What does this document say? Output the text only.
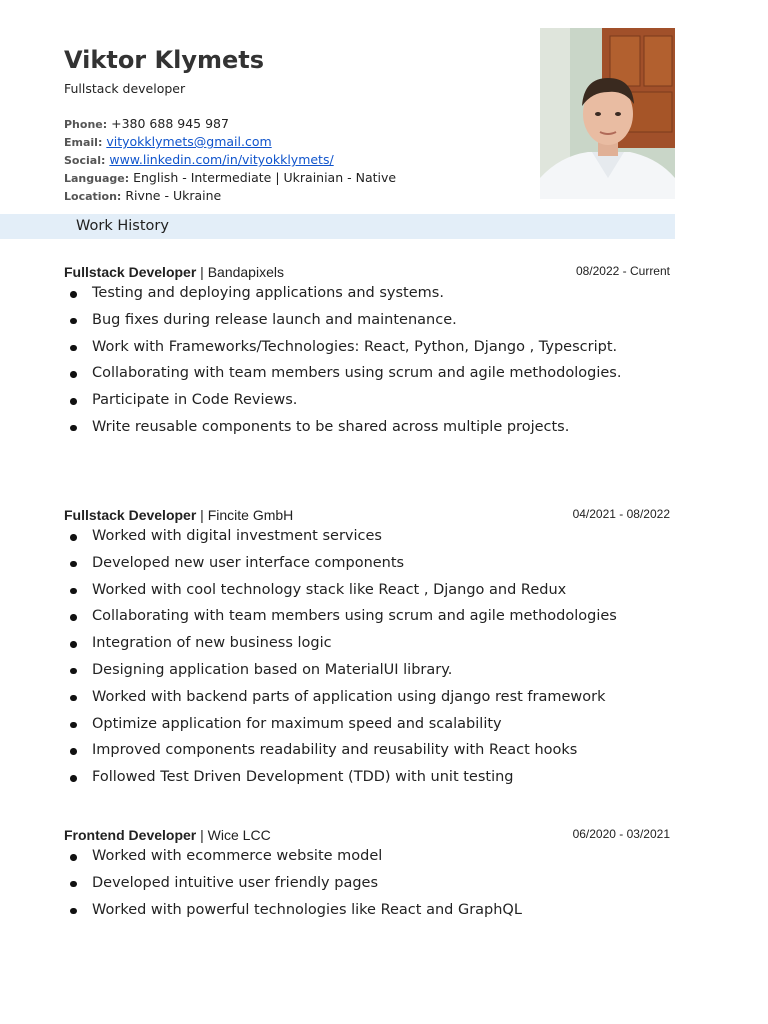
Viktor Klymets
Fullstack developer
Phone: +380 688 945 987
Email: vityokklymets@gmail.com
Social: www.linkedin.com/in/vityokklymets/
Language: English - Intermediate | Ukrainian - Native
Location: Rivne - Ukraine
Work History
Fullstack Developer | Bandapixels	08/2022 - Current
Testing and deploying applications and systems.
Bug fixes during release launch and maintenance.
Work with Frameworks/Technologies: React, Python, Django , Typescript.
Collaborating with team members using scrum and agile methodologies.
Participate in Code Reviews.
Write reusable components to be shared across multiple projects.
Fullstack Developer | Fincite GmbH	04/2021 - 08/2022
Worked with digital investment services
Developed new user interface components
Worked with cool technology stack like React , Django and Redux
Collaborating with team members using scrum and agile methodologies
Integration of new business logic
Designing application based on MaterialUI library.
Worked with backend parts of application using django rest framework
Optimize application for maximum speed and scalability
Improved components readability and reusability with React hooks
Followed Test Driven Development (TDD) with unit testing
Frontend Developer | Wice LCC	06/2020 - 03/2021
Worked with ecommerce website model
Developed intuitive user friendly pages
Worked with powerful technologies like React and GraphQL
